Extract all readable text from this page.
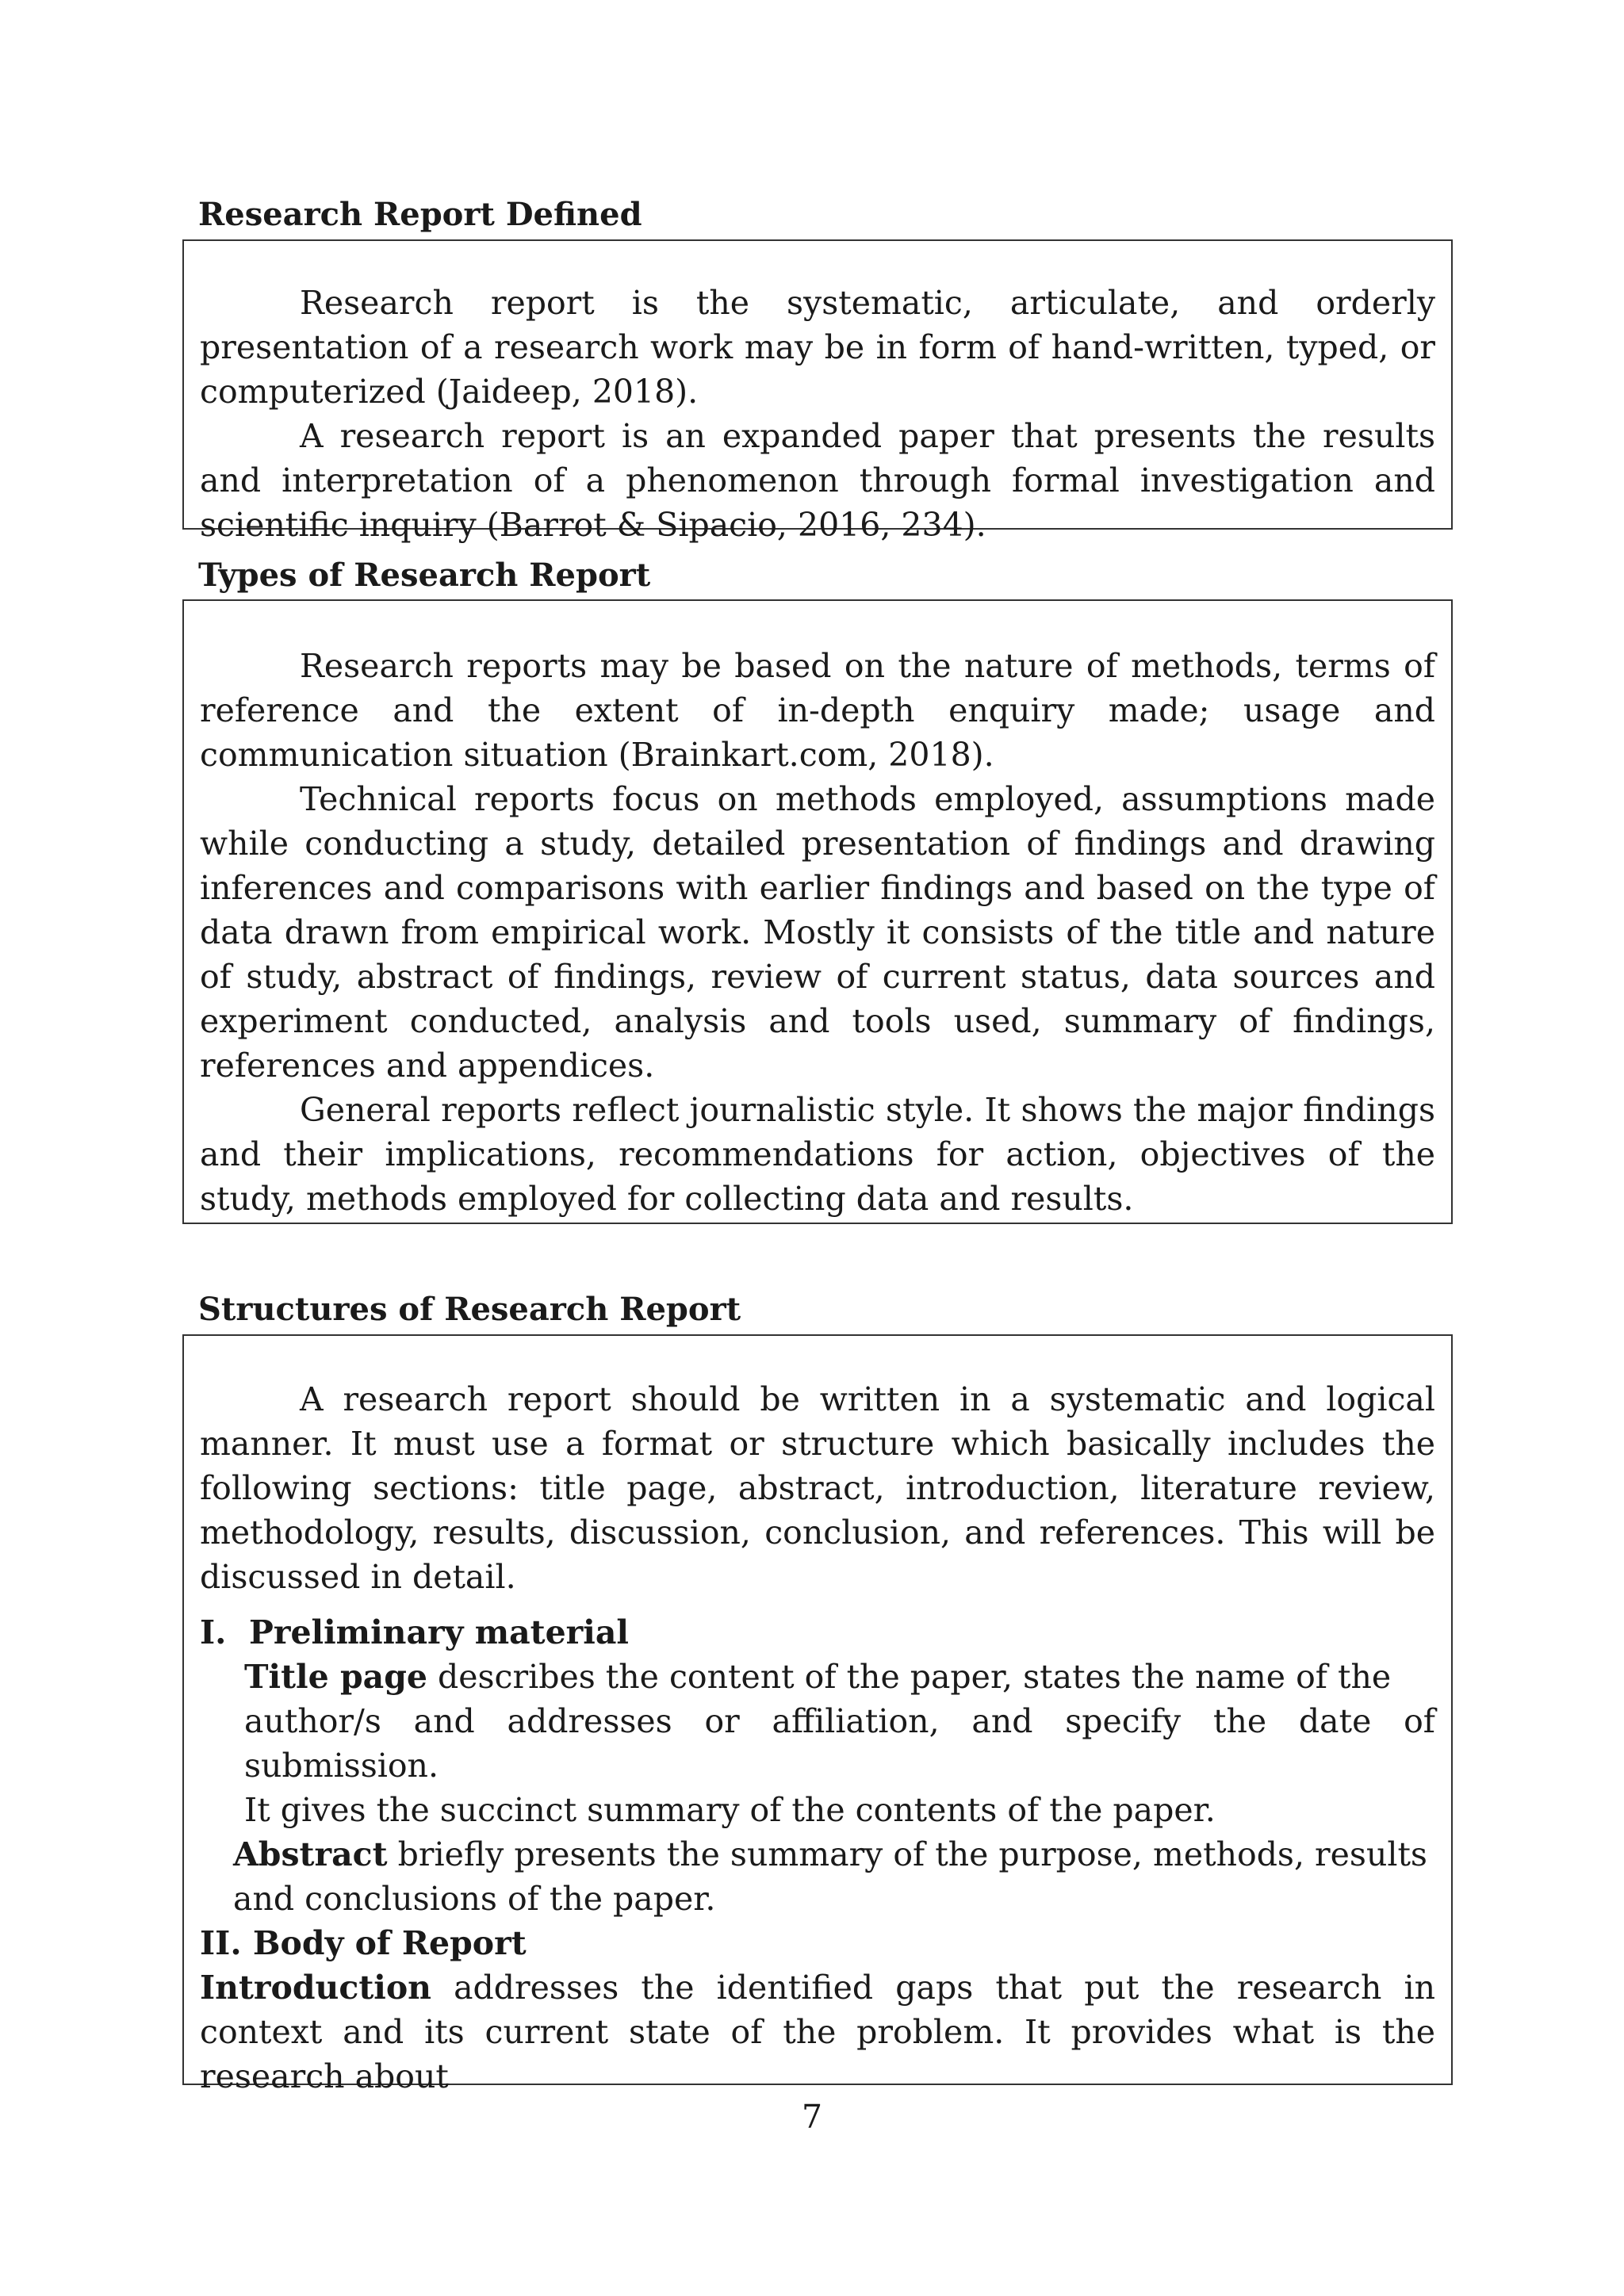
Research Report Defined

Research report is the systematic, articulate, and orderly presentation of a research work may be in form of hand-written, typed, or computerized (Jaideep, 2018).

A research report is an expanded paper that presents the results and interpretation of a phenomenon through formal investigation and scientific inquiry (Barrot & Sipacio, 2016, 234).

Types of Research Report

Research reports may be based on the nature of methods, terms of reference and the extent of in-depth enquiry made; usage and communication situation (Brainkart.com, 2018).

Technical reports focus on methods employed, assumptions made while conducting a study, detailed presentation of findings and drawing inferences and comparisons with earlier findings and based on the type of data drawn from empirical work. Mostly it consists of the title and nature of study, abstract of findings, review of current status, data sources and experiment conducted, analysis and tools used, summary of findings, references and appendices.

General reports reflect journalistic style. It shows the major findings and their implications, recommendations for action, objectives of the study, methods employed for collecting data and results.

Structures of Research Report

A research report should be written in a systematic and logical manner. It must use a format or structure which basically includes the following sections: title page, abstract, introduction, literature review, methodology, results, discussion, conclusion, and references. This will be discussed in detail.

I. Preliminary material

Title page describes the content of the paper, states the name of the

author/s and addresses or affiliation, and specify the date of submission.

It gives the succinct summary of the contents of the paper.

Abstract briefly presents the summary of the purpose, methods, results

and conclusions of the paper.

II. Body of Report

Introduction addresses the identified gaps that put the research in context and its current state of the problem. It provides what is the research about

7
